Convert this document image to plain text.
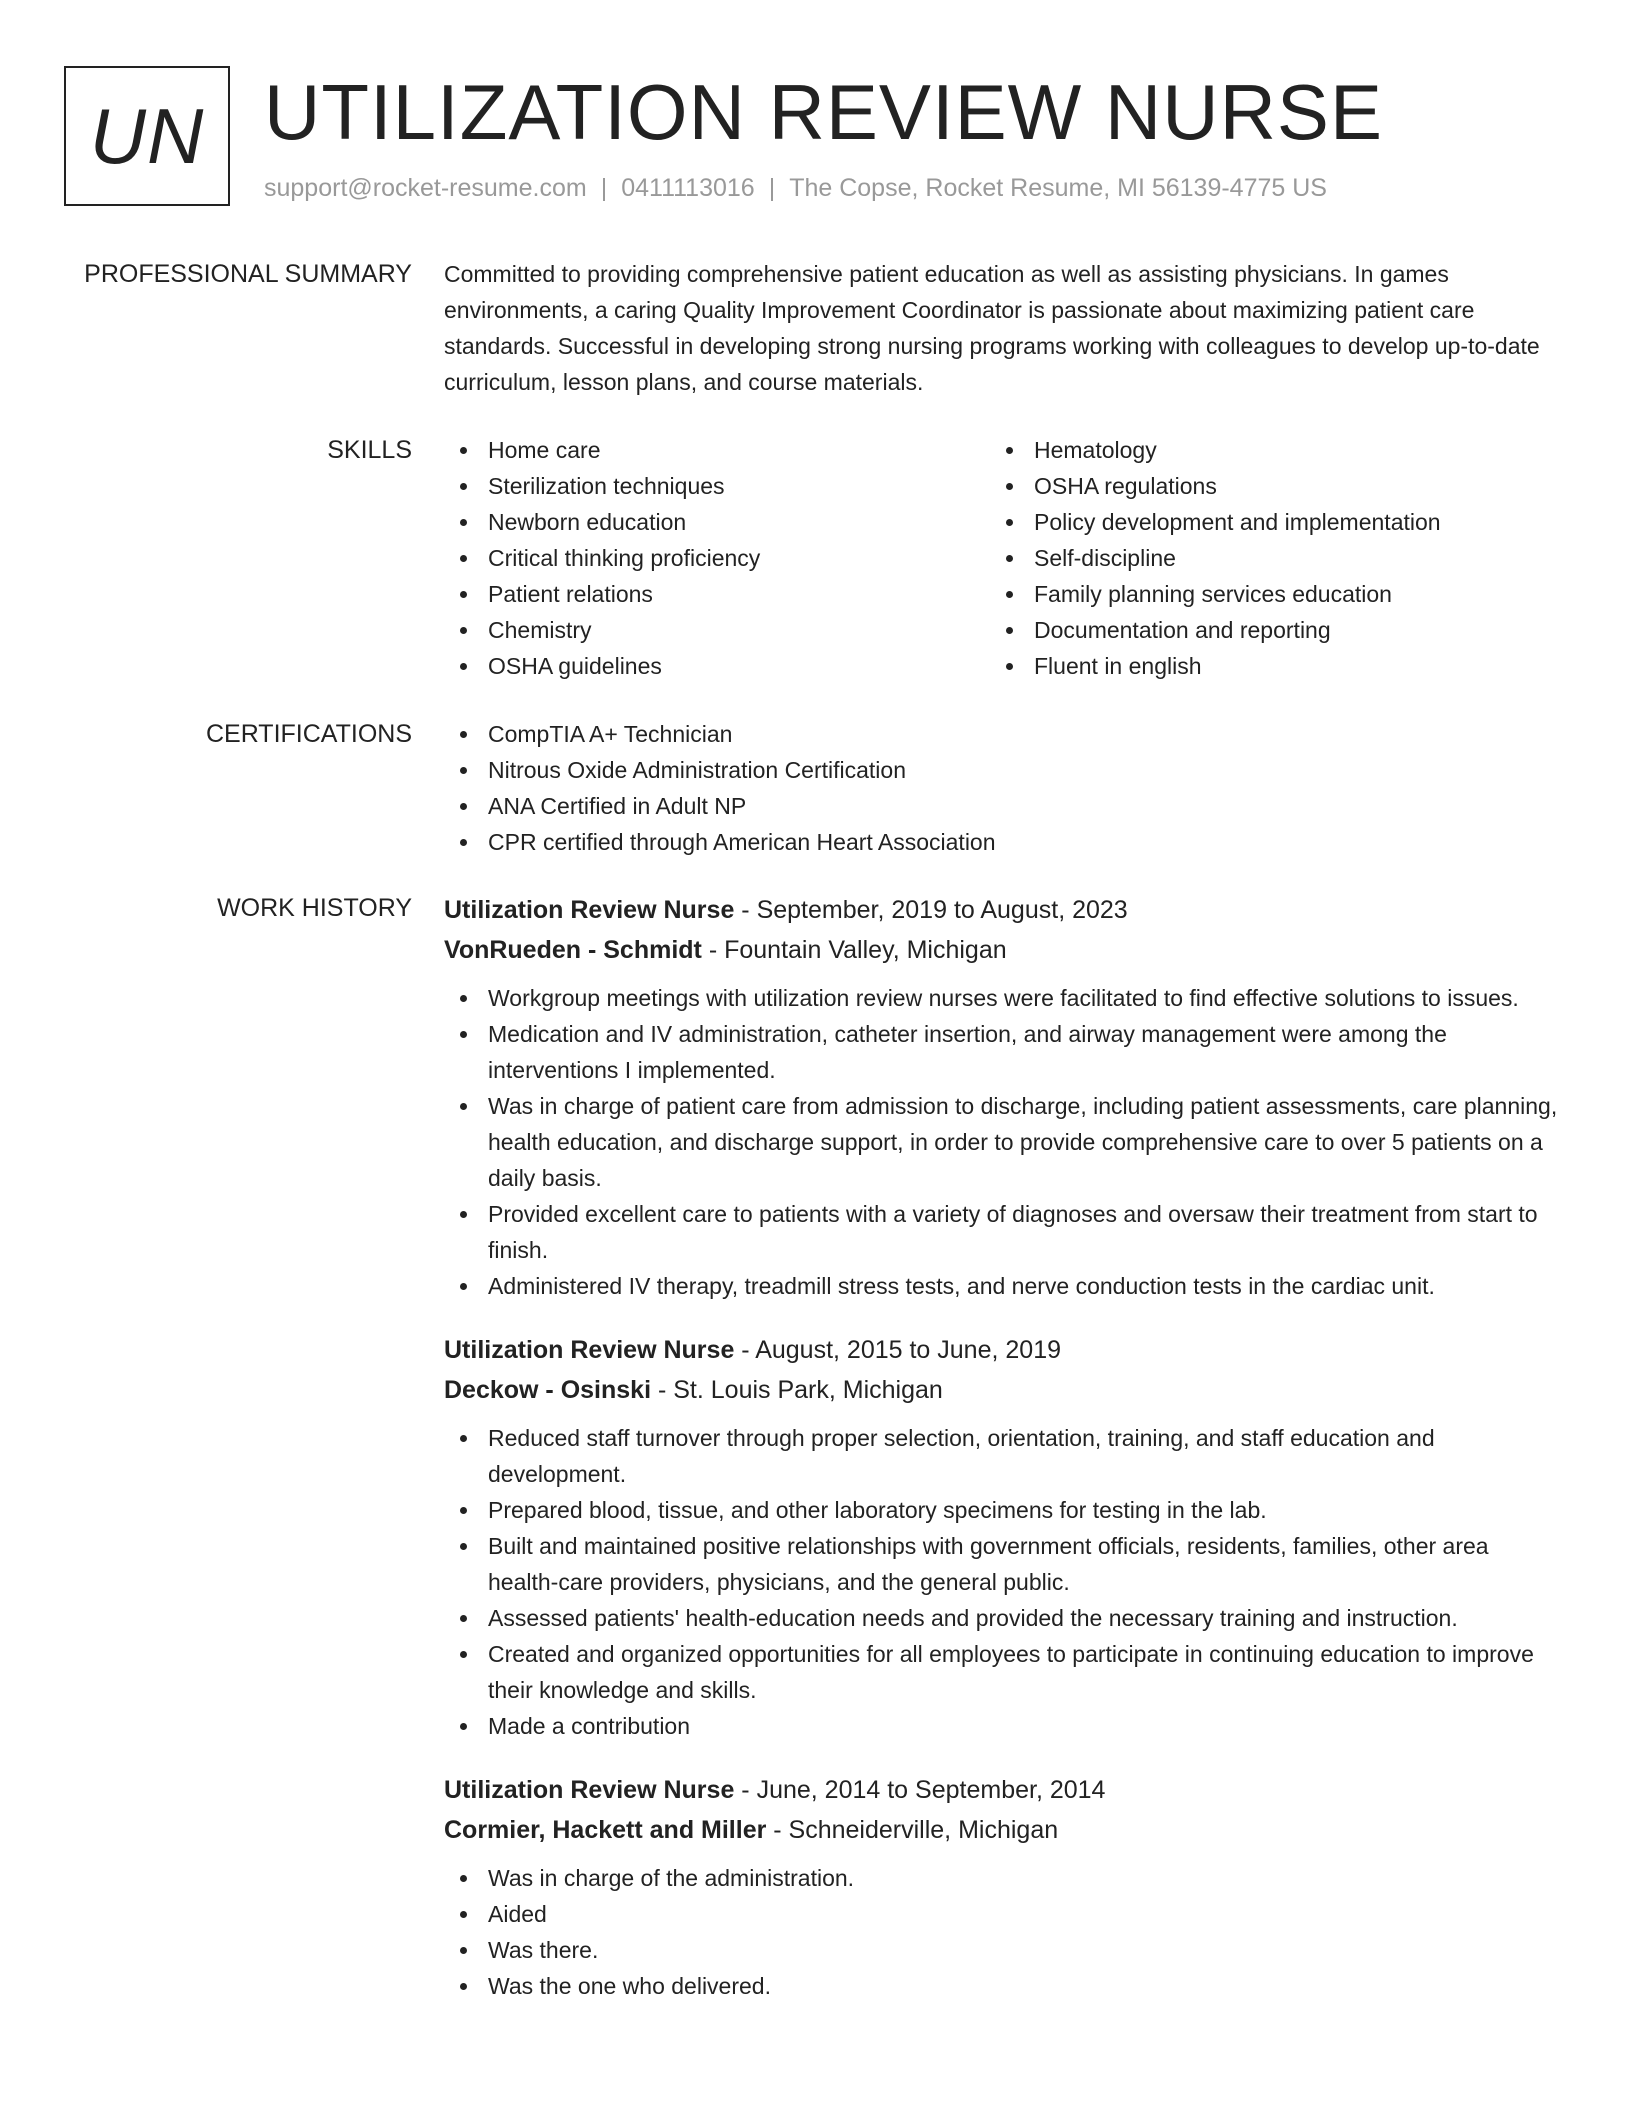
UN UTILIZATION REVIEW NURSE
support@rocket-resume.com | 0411113016 | The Copse, Rocket Resume, MI 56139-4775 US
PROFESSIONAL SUMMARY Committed to providing comprehensive patient education as well as assisting physicians. In games environments, a caring Quality Improvement Coordinator is passionate about maximizing patient care standards. Successful in developing strong nursing programs working with colleagues to develop up-to-date curriculum, lesson plans, and course materials.

SKILLS	Home care
Sterilization techniques
Newborn education
Critical thinking proficiency
Patient relations
Chemistry
OSHA guidelines
Hematology
OSHA regulations
Policy development and implementation
Self-discipline
Family planning services education
Documentation and reporting
Fluent in english
CERTIFICATIONS	CompTIA A+ Technician
Nitrous Oxide Administration Certification
ANA Certified in Adult NP
CPR certified through American Heart Association
WORK HISTORY Utilization Review Nurse - September, 2019 to August, 2023
VonRueden - Schmidt - Fountain Valley, Michigan
Workgroup meetings with utilization review nurses were facilitated to find effective solutions to issues.
Medication and IV administration, catheter insertion, and airway management were among the interventions I implemented.
Was in charge of patient care from admission to discharge, including patient assessments, care planning, health education, and discharge support, in order to provide comprehensive care to over 5 patients on a daily basis.
Provided excellent care to patients with a variety of diagnoses and oversaw their treatment from start to finish.
Administered IV therapy, treadmill stress tests, and nerve conduction tests in the cardiac unit.
Utilization Review Nurse - August, 2015 to June, 2019
Deckow - Osinski - St. Louis Park, Michigan
Reduced staff turnover through proper selection, orientation, training, and staff education and development.
Prepared blood, tissue, and other laboratory specimens for testing in the lab.
Built and maintained positive relationships with government officials, residents, families, other area health-care providers, physicians, and the general public.
Assessed patients' health-education needs and provided the necessary training and instruction.
Created and organized opportunities for all employees to participate in continuing education to improve their knowledge and skills.
Made a contribution
Utilization Review Nurse - June, 2014 to September, 2014
Cormier, Hackett and Miller - Schneiderville, Michigan
Was in charge of the administration.
Aided
Was there.
Was the one who delivered.
